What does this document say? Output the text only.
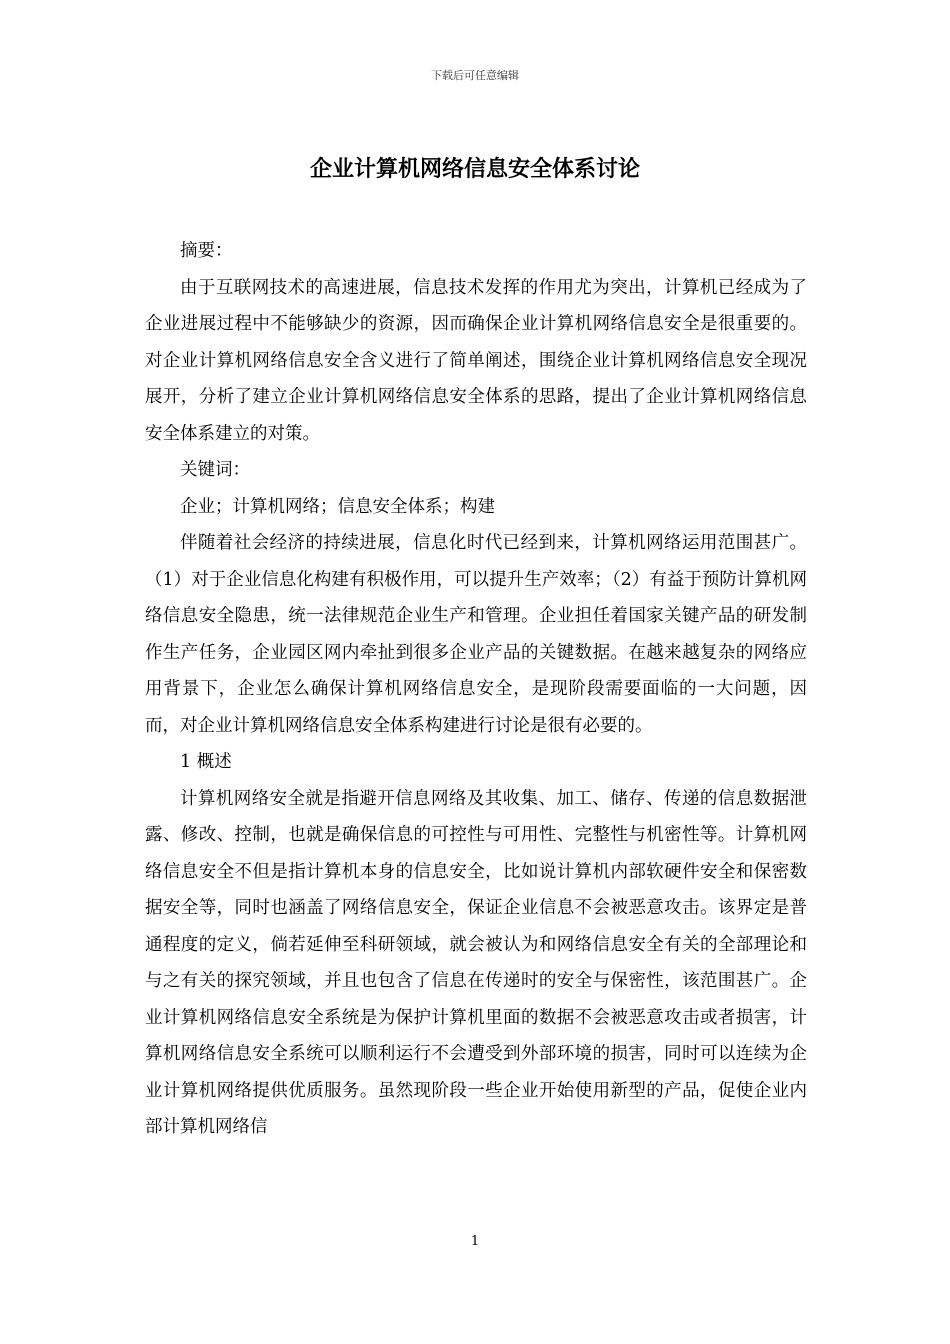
下载后可任意编辑
企业计算机网络信息安全体系讨论

摘要：

由于互联网技术的高速进展，信息技术发挥的作用尤为突出，计算机已经成为了企业进展过程中不能够缺少的资源，因而确保企业计算机网络信息安全是很重要的。对企业计算机网络信息安全含义进行了简单阐述，围绕企业计算机网络信息安全现况展开，分析了建立企业计算机网络信息安全体系的思路，提出了企业计算机网络信息安全体系建立的对策。

关键词：

企业；计算机网络；信息安全体系；构建

伴随着社会经济的持续进展，信息化时代已经到来，计算机网络运用范围甚广。（1）对于企业信息化构建有积极作用，可以提升生产效率；（2）有益于预防计算机网络信息安全隐患，统一法律规范企业生产和管理。企业担任着国家关键产品的研发制作生产任务，企业园区网内牵扯到很多企业产品的关键数据。在越来越复杂的网络应用背景下，企业怎么确保计算机网络信息安全，是现阶段需要面临的一大问题，因而，对企业计算机网络信息安全体系构建进行讨论是很有必要的。

1 概述

计算机网络安全就是指避开信息网络及其收集、加工、储存、传递的信息数据泄露、修改、控制，也就是确保信息的可控性与可用性、完整性与机密性等。计算机网络信息安全不但是指计算机本身的信息安全，比如说计算机内部软硬件安全和保密数据安全等，同时也涵盖了网络信息安全，保证企业信息不会被恶意攻击。该界定是普通程度的定义，倘若延伸至科研领域，就会被认为和网络信息安全有关的全部理论和与之有关的探究领域，并且也包含了信息在传递时的安全与保密性，该范围甚广。企业计算机网络信息安全系统是为保护计算机里面的数据不会被恶意攻击或者损害，计算机网络信息安全系统可以顺利运行不会遭受到外部环境的损害，同时可以连续为企业计算机网络提供优质服务。虽然现阶段一些企业开始使用新型的产品，促使企业内部计算机网络信

1
